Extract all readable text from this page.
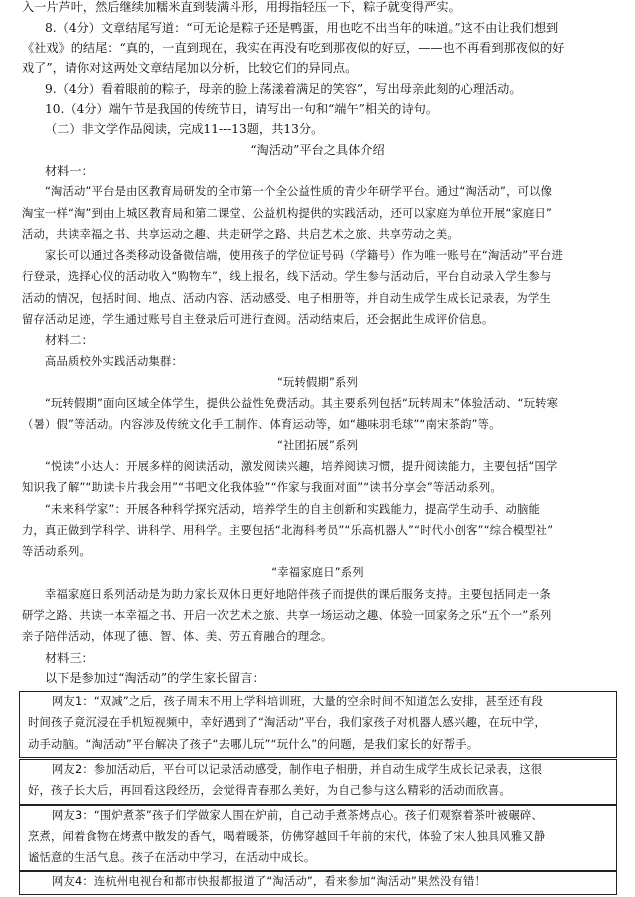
入一片芦叶，然后继续加糯米直到装满斗形，用拇指轻压一下，粽子就变得严实。

8.（4分）文章结尾写道：“可无论是粽子还是鸭蛋，用也吃不出当年的味道。”这不由让我们想到

《社戏》的结尾：“真的，一直到现在，我实在再没有吃到那夜似的好豆，——也不再看到那夜似的好

戏了”，请你对这两处文章结尾加以分析，比较它们的异同点。

9.（4分）看着眼前的粽子，母亲的脸上荡漾着满足的笑容”，写出母亲此刻的心理活动。

10.（4分）端午节是我国的传统节日，请写出一句和“端午”相关的诗句。

（二）非文学作品阅读，完成11---13题，共13分。

“淘活动”平台之具体介绍

材料一：

“淘活动”平台是由区教育局研发的全市第一个全公益性质的青少年研学平台。通过“淘活动”，可以像

淘宝一样“淘”到由上城区教育局和第二课堂、公益机构提供的实践活动，还可以家庭为单位开展“家庭日”

活动，共读幸福之书、共享运动之趣、共走研学之路、共启艺术之旅、共享劳动之美。

家长可以通过各类移动设备微信端，使用孩子的学位证号码（学籍号）作为唯一账号在“淘活动”平台进

行登录，选择心仪的活动收入“购物车”，线上报名，线下活动。学生参与活动后，平台自动录入学生参与

活动的情况，包括时间、地点、活动内容、活动感受、电子相册等，并自动生成学生成长记录表，为学生

留存活动足迹，学生通过账号自主登录后可进行查阅。活动结束后，还会据此生成评价信息。

材料二：

高品质校外实践活动集群：

“玩转假期”系列

“玩转假期”面向区域全体学生，提供公益性免费活动。其主要系列包括“玩转周末”体验活动、“玩转寒

（暑）假”等活动。内容涉及传统文化手工制作、体育运动等，如“趣味羽毛球”“南宋茶韵”等。

“社团拓展”系列

“悦读”小达人：开展多样的阅读活动，激发阅读兴趣，培养阅读习惯，提升阅读能力，主要包括“国学

知识我了解”“助读卡片我会用”“书吧文化我体验”“作家与我面对面”“读书分享会”等活动系列。

“未来科学家”：开展各种科学探究活动，培养学生的自主创新和实践能力，提高学生动手、动脑能

力，真正做到学科学、讲科学、用科学。主要包括“北海科考员”“乐高机器人”“时代小创客”“综合模型社”

等活动系列。

“幸福家庭日”系列

幸福家庭日系列活动是为助力家长双休日更好地陪伴孩子而提供的课后服务支持。主要包括同走一条

研学之路、共读一本幸福之书、开启一次艺术之旅、共享一场运动之趣、体验一回家务之乐“五个一”系列

亲子陪伴活动，体现了德、智、体、美、劳五育融合的理念。

材料三：

以下是参加过“淘活动”的学生家长留言：

网友1：“双减”之后，孩子周末不用上学科培训班，大量的空余时间不知道怎么安排，甚至还有段

时间孩子竟沉浸在手机短视频中，幸好遇到了“淘活动”平台，我们家孩子对机器人感兴趣，在玩中学，

动手动脑。“淘活动”平台解决了孩子“去哪儿玩”“玩什么”的问题，是我们家长的好帮手。

网友2：参加活动后，平台可以记录活动感受，制作电子相册，并自动生成学生成长记录表，这很

好，孩子长大后，再回看这段经历，会觉得青春那么美好，为自己参与这么精彩的活动而欣喜。

网友3：“围炉煮茶”孩子们学做家人围在炉前，自己动手煮茶烤点心。孩子们观察着茶叶被碾碎、

烹煮，闻着食物在烤煮中散发的香气，喝着暖茶，仿佛穿越回千年前的宋代，体验了宋人独具风雅又静

谧恬意的生活气息。孩子在活动中学习，在活动中成长。

网友4：连杭州电视台和都市快报都报道了“淘活动”，看来参加“淘活动”果然没有错！
